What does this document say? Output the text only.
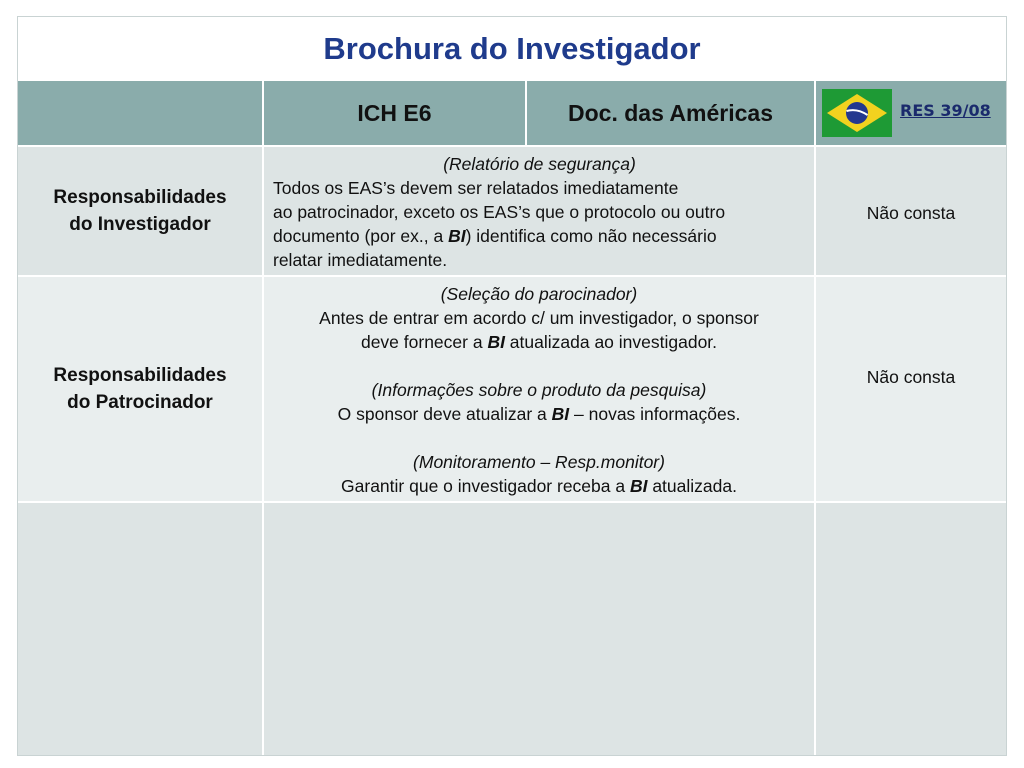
Brochura do Investigador
ICH E6	Doc. das Américas	RES 39/08
Responsabilidades
do Investigador
(Relatório de segurança)
Todos os EAS’s devem ser relatados imediatamente
ao patrocinador, exceto os EAS’s que o protocolo ou outro
documento (por ex., a BI) identifica como não necessário
relatar imediatamente.
Não consta
Responsabilidades
do Patrocinador
(Seleção do parocinador)
Antes de entrar em acordo c/ um investigador, o sponsor
deve fornecer a BI atualizada ao investigador.
(Informações sobre o produto da pesquisa)
O sponsor deve atualizar a BI – novas informações.
(Monitoramento – Resp.monitor)
Garantir que o investigador receba a BI atualizada.
Não consta
